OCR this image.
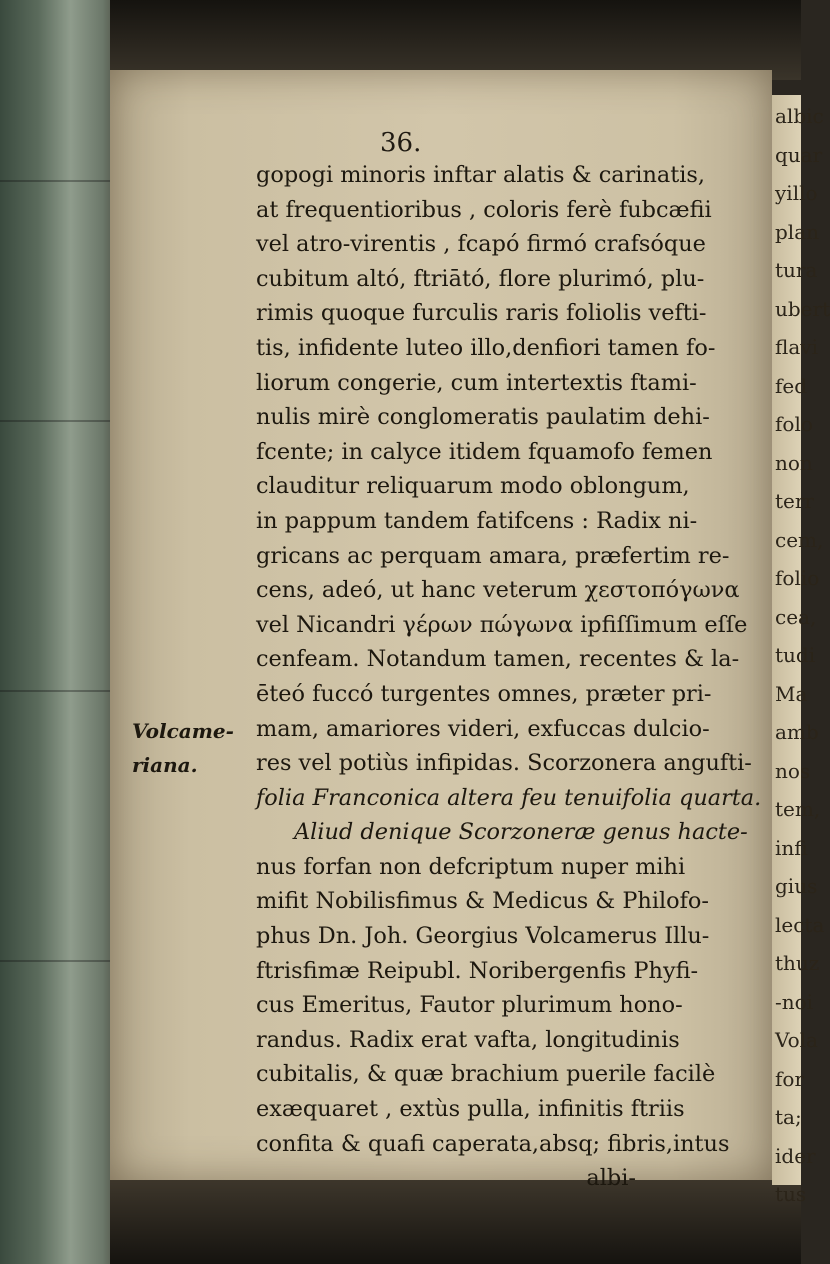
albic
quar
yillo
plan
tura
ubert
flavi
fed
folo
non
terr
cem,
folio
cea,
tudi
Ma
amb
nos
tem,
infi
gius
lecta
thuz
-noi
Vola
for
ta;
ider
tus
36.
Volcame-
riana.
gopogi minoris inftar alatis & carinatis,
at frequentioribus , coloris ferè fubcæfii
vel atro-virentis , fcapó firmó crafsóque
cubitum altó, ftriātó, flore plurimó, plu-
rimis quoque furculis raris foliolis vefti-
tis, infidente luteo illo,denfiori tamen fo-
liorum congerie, cum intertextis ftami-
nulis mirè conglomeratis paulatim dehi-
fcente; in calyce itidem fquamofo femen
clauditur reliquarum modo oblongum,
in pappum tandem fatifcens : Radix ni-
gricans ac perquam amara, præfertim re-
cens, adeó, ut hanc veterum χεστοπόγωνα
vel Nicandri γέρων πώγωνα ipfiſſimum eſſe
cenfeam. Notandum tamen, recentes & la-
ēteó fuccó turgentes omnes, præter pri-
mam, amariores videri, exfuccas dulcio-
res vel potiùs infipidas. Scorzonera angufti-
folia Franconica altera feu tenuifolia quarta.
Aliud denique Scorzoneræ genus hacte-
nus forfan non defcriptum nuper mihi
mifit Nobilisfimus & Medicus & Philofo-
phus Dn. Joh. Georgius Volcamerus Illu-
ftrisfimæ Reipubl. Noribergenfis Phyfi-
cus Emeritus, Fautor plurimum hono-
randus. Radix erat vafta, longitudinis
cubitalis, & quæ brachium puerile facilè
exæquaret , extùs pulla, infinitis ftriis
confita & quafi caperata,absq; fibris,intus
albi-
